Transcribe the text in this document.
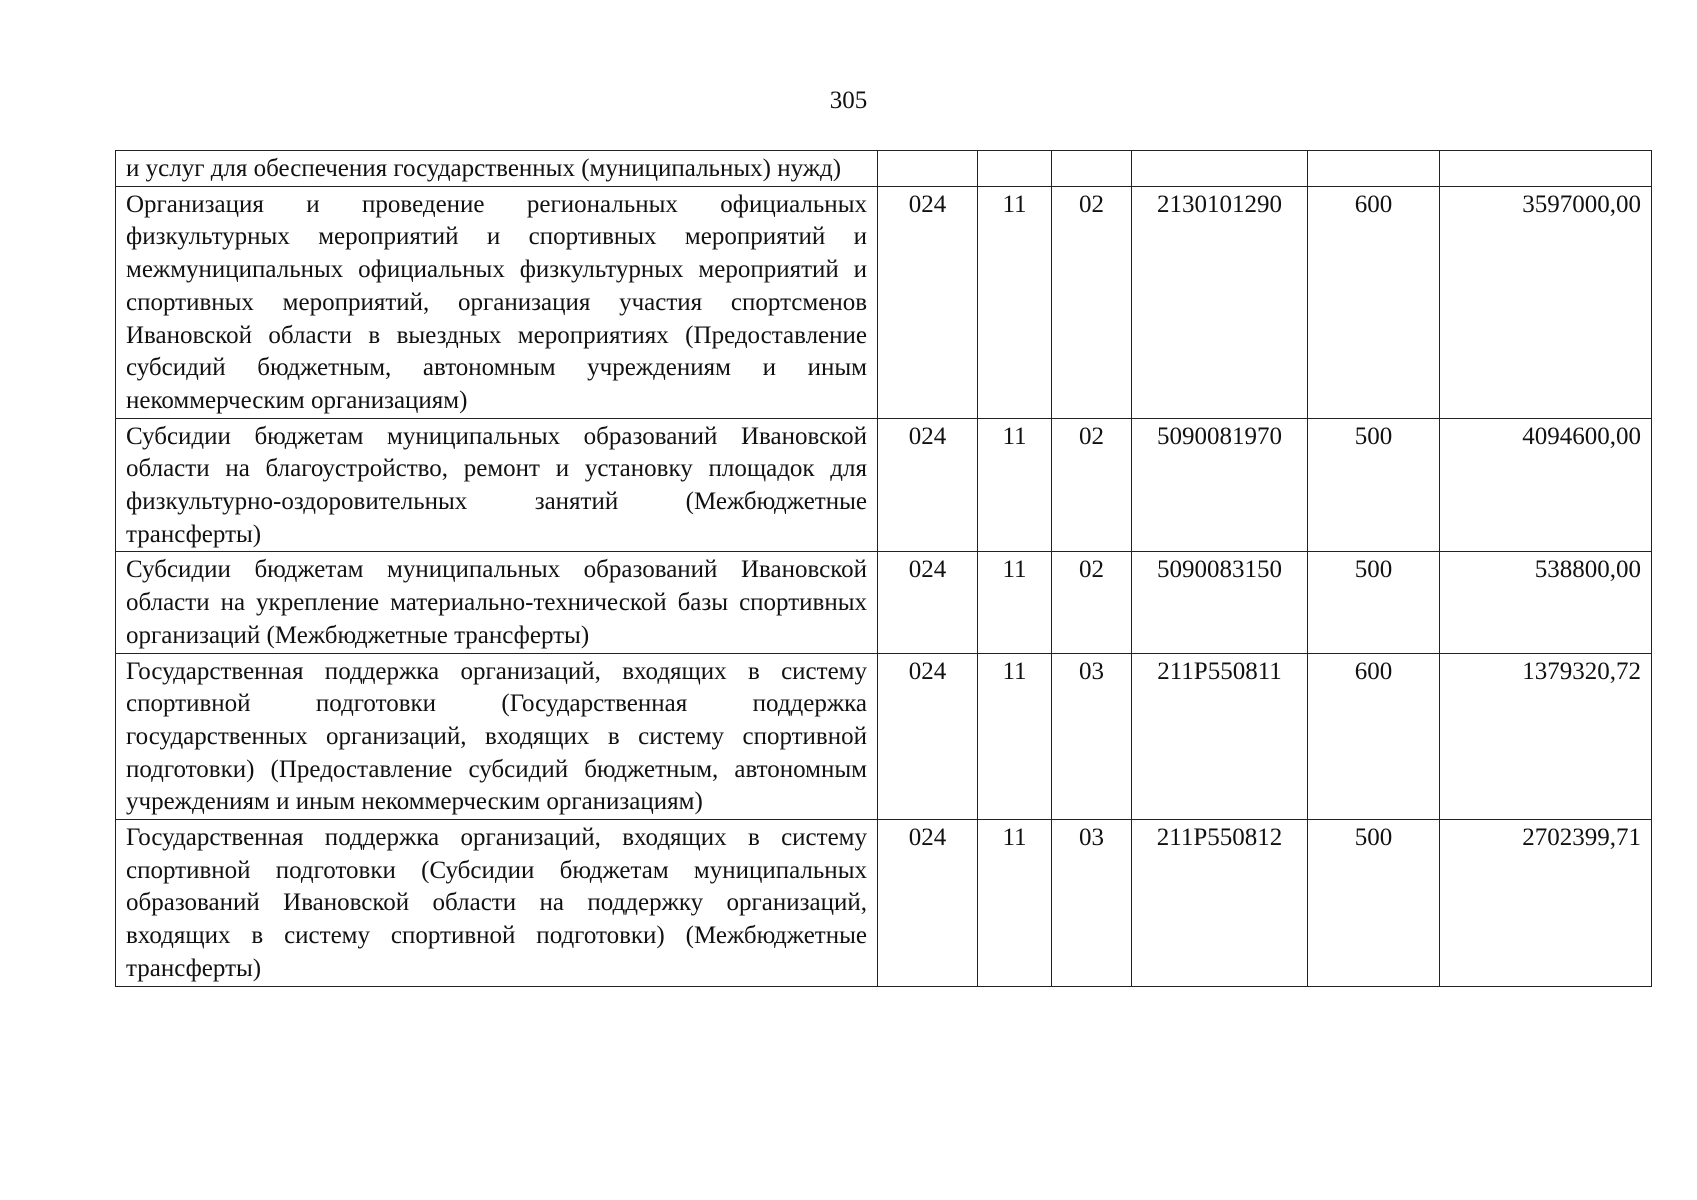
305
и услуг для обеспечения государственных (муниципальных) нужд)						
Организация и проведение региональных официальных физкультурных мероприятий и спортивных мероприятий и межмуниципальных официальных физкультурных мероприятий и спортивных мероприятий, организация участия спортсменов Ивановской области в выездных мероприятиях (Предоставление субсидий бюджетным, автономным учреждениям и иным некоммерческим организациям)	024	11	02	2130101290	600	3597000,00
Субсидии бюджетам муниципальных образований Ивановской области на благоустройство, ремонт и установку площадок для физкультурно-оздоровительных занятий (Межбюджетные трансферты)	024	11	02	5090081970	500	4094600,00
Субсидии бюджетам муниципальных образований Ивановской области на укрепление материально-технической базы спортивных организаций (Межбюджетные трансферты)	024	11	02	5090083150	500	538800,00
Государственная поддержка организаций, входящих в систему спортивной подготовки (Государственная поддержка государственных организаций, входящих в систему спортивной подготовки) (Предоставление субсидий бюджетным, автономным учреждениям и иным некоммерческим организациям)	024	11	03	211Р550811	600	1379320,72
Государственная поддержка организаций, входящих в систему спортивной подготовки (Субсидии бюджетам муниципальных образований Ивановской области на поддержку организаций, входящих в систему спортивной подготовки) (Межбюджетные трансферты)	024	11	03	211Р550812	500	2702399,71
